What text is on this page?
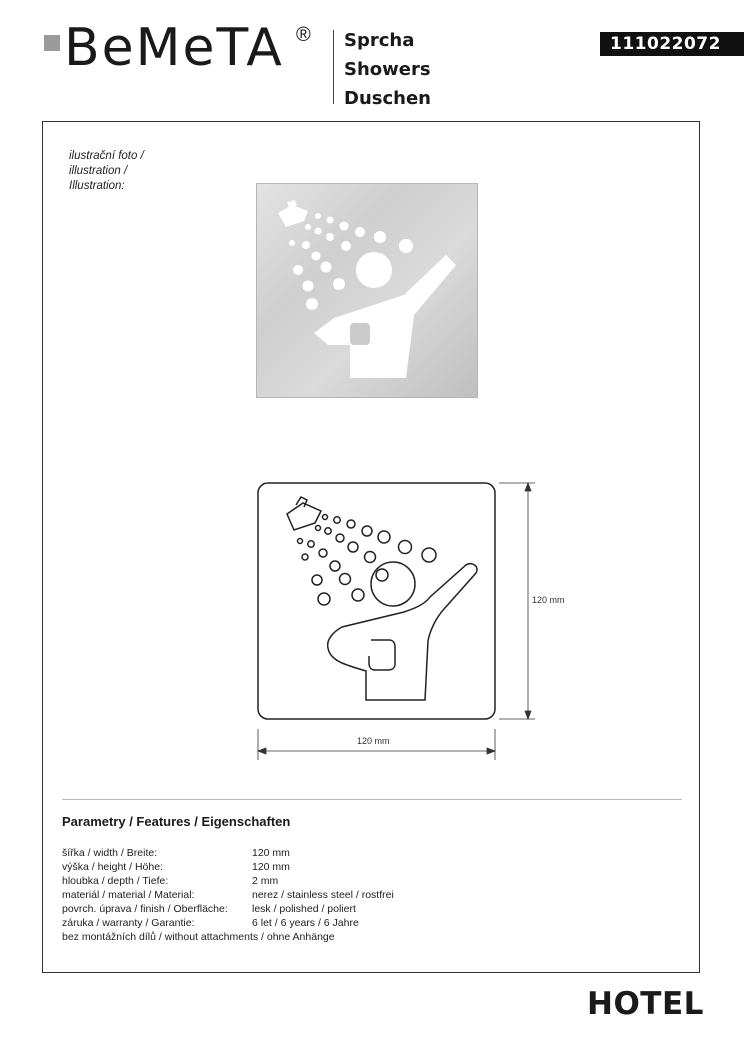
BeMeTA ® Sprcha
Showers
Duschen
111022072
ilustrační foto /
illustration /
Illustration:
120 mm
120 mm
Parametry / Features / Eigenschaften
šířka / width / Breite:	120 mm
výška / height / Höhe:	120 mm
hloubka / depth / Tiefe:	2 mm
materiál / material / Material:	nerez / stainless steel / rostfrei
povrch. úprava / finish / Oberfläche: lesk / polished / poliert
záruka / warranty / Garantie:	6 let / 6 years / 6 Jahre
bez montážních dílů / without attachments / ohne Anhänge
HOTEL
